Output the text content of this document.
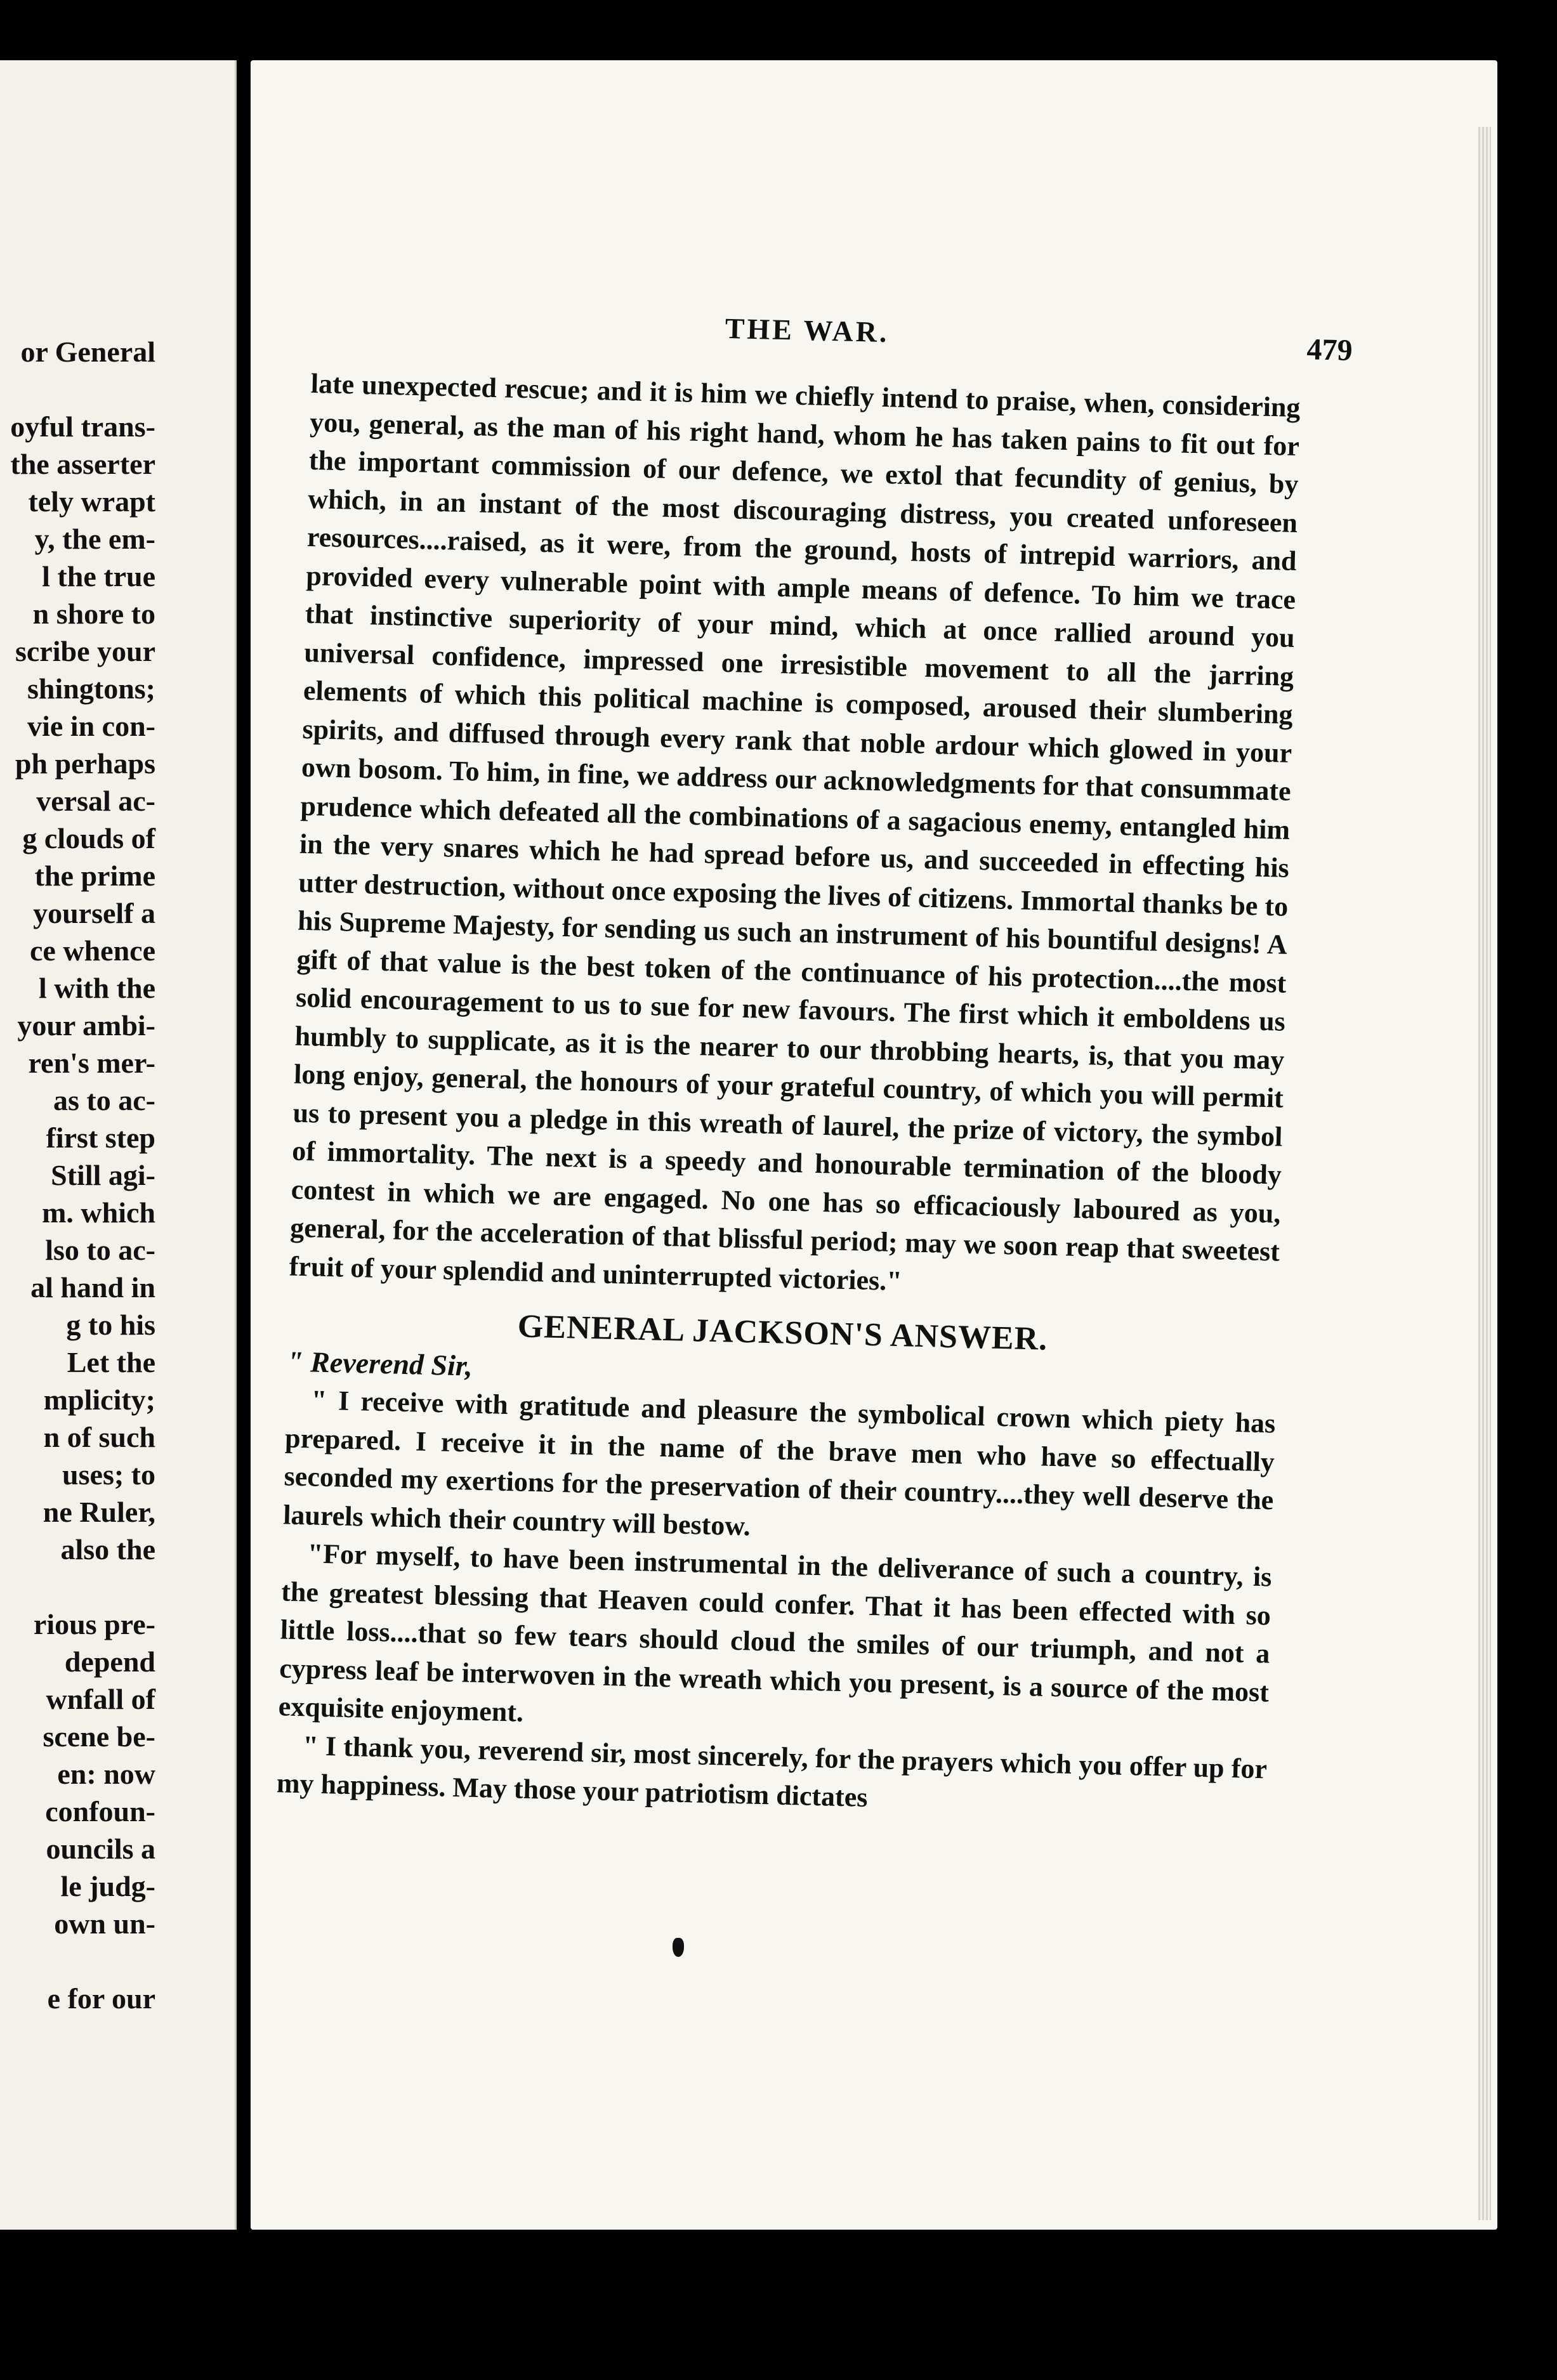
or General
oyful trans-
the asserter
tely wrapt
y, the em-
l the true
n shore to
scribe your
shingtons;
vie in con-
ph perhaps
versal ac-
g clouds of
the prime
yourself a
ce whence
l with the
your ambi-
ren's mer-
as to ac-
first step
Still agi-
m. which
lso to ac-
al hand in
g to his
Let the
mplicity;
n of such
uses; to
ne Ruler,
also the
rious pre-
depend
wnfall of
scene be-
en: now
confoun-
ouncils a
le judg-
own un-
e for our
THE WAR.
479

late unexpected rescue; and it is him we chiefly intend to praise, when, considering you, general, as the man of his right hand, whom he has taken pains to fit out for the important commission of our defence, we extol that fecundity of genius, by which, in an instant of the most discouraging distress, you created unforeseen resources....raised, as it were, from the ground, hosts of intrepid warriors, and provided every vulnerable point with ample means of defence. To him we trace that instinctive superiority of your mind, which at once rallied around you universal confidence, impressed one irresistible movement to all the jarring elements of which this political machine is composed, aroused their slumbering spirits, and diffused through every rank that noble ardour which glowed in your own bosom. To him, in fine, we address our acknowledgments for that consummate prudence which defeated all the combinations of a sagacious enemy, entangled him in the very snares which he had spread before us, and succeeded in effecting his utter destruction, without once exposing the lives of citizens. Immortal thanks be to his Supreme Majesty, for sending us such an instrument of his bountiful designs! A gift of that value is the best token of the continuance of his protection....the most solid encouragement to us to sue for new favours. The first which it emboldens us humbly to supplicate, as it is the nearer to our throbbing hearts, is, that you may long enjoy, general, the honours of your grateful country, of which you will permit us to present you a pledge in this wreath of laurel, the prize of victory, the symbol of immortality. The next is a speedy and honourable termination of the bloody contest in which we are engaged. No one has so efficaciously laboured as you, general, for the acceleration of that blissful period; may we soon reap that sweetest fruit of your splendid and uninterrupted victories."

GENERAL JACKSON'S ANSWER.
" Reverend Sir,

" I receive with gratitude and pleasure the symbolical crown which piety has prepared. I receive it in the name of the brave men who have so effectually seconded my exertions for the preservation of their country....they well deserve the laurels which their country will bestow.

"For myself, to have been instrumental in the deliverance of such a country, is the greatest blessing that Heaven could confer. That it has been effected with so little loss....that so few tears should cloud the smiles of our triumph, and not a cypress leaf be interwoven in the wreath which you present, is a source of the most exquisite enjoyment.

" I thank you, reverend sir, most sincerely, for the prayers which you offer up for my happiness. May those your patriotism dictates
